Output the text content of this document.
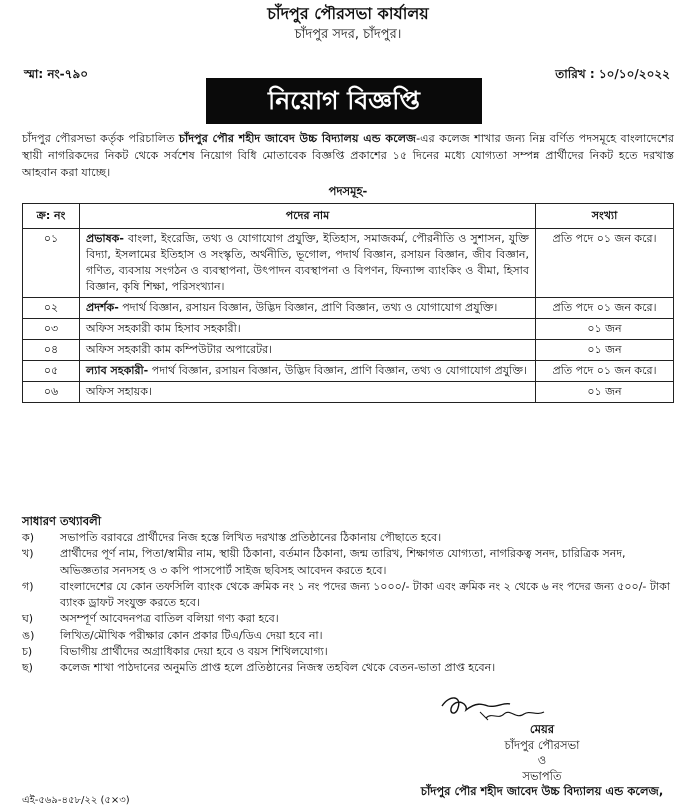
চাঁদপুর পৌরসভা কার্যালয়
চাঁদপুর সদর, চাঁদপুর।
স্মা: নং-৭৯০	তারিখ : ১০/১০/২০২২
নিয়োগ বিজ্ঞপ্তি
চাঁদপুর পৌরসভা কর্তৃক পরিচালিত চাঁদপুর পৌর শহীদ জাবেদ উচ্চ বিদ্যালয় এন্ড কলেজ-এর কলেজ শাখার জন্য নিম্ন বর্ণিত পদসমূহে বাংলাদেশের স্থায়ী নাগরিকদের নিকট থেকে সর্বশেষ নিয়োগ বিধি মোতাবেক বিজ্ঞপ্তি প্রকাশের ১৫ দিনের মধ্যে যোগ্যতা সম্পন্ন প্রার্থীদের নিকট হতে দরখাস্ত আহবান করা যাচ্ছে।
পদসমূহ-
ক্র: নং	পদের নাম	সংখ্যা
০১	প্রভাষক- বাংলা, ইংরেজি, তথ্য ও যোগাযোগ প্রযুক্তি, ইতিহাস, সমাজকর্ম, পৌরনীতি ও সুশাসন, যুক্তি বিদ্যা, ইসলামের ইতিহাস ও সংস্কৃতি, অর্থনীতি, ভূগোল, পদার্থ বিজ্ঞান, রসায়ন বিজ্ঞান, জীব বিজ্ঞান, গণিত, ব্যবসায় সংগঠন ও ব্যবস্থাপনা, উৎপাদন ব্যবস্থাপনা ও বিপণন, ফিন্যান্স ব্যাংকিং ও বীমা, হিসাব বিজ্ঞান, কৃষি শিক্ষা, পরিসংখ্যান।	প্রতি পদে ০১ জন করে।
০২	প্রদর্শক- পদার্থ বিজ্ঞান, রসায়ন বিজ্ঞান, উদ্ভিদ বিজ্ঞান, প্রাণি বিজ্ঞান, তথ্য ও যোগাযোগ প্রযুক্তি।	প্রতি পদে ০১ জন করে।
০৩	অফিস সহকারী কাম হিসাব সহকারী।	০১ জন
০৪	অফিস সহকারী কাম কম্পিউটার অপারেটর।	০১ জন
০৫	ল্যাব সহকারী- পদার্থ বিজ্ঞান, রসায়ন বিজ্ঞান, উদ্ভিদ বিজ্ঞান, প্রাণি বিজ্ঞান, তথ্য ও যোগাযোগ প্রযুক্তি।	প্রতি পদে ০১ জন করে।
০৬	অফিস সহায়ক।	০১ জন
সাধারণ তথ্যাবলী
ক)	সভাপতি বরাবরে প্রার্থীদের নিজ হস্তে লিখিত দরখাস্ত প্রতিষ্ঠানের ঠিকানায় পৌছাতে হবে।
খ)	প্রার্থীদের পূর্ণ নাম, পিতা/স্বামীর নাম, স্থায়ী ঠিকানা, বর্তমান ঠিকানা, জন্ম তারিখ, শিক্ষাগত যোগ্যতা, নাগরিকত্ব সনদ, চারিত্রিক সনদ, অভিজ্ঞতার সনদসহ ও ৩ কপি পাসপোর্ট সাইজ ছবিসহ আবেদন করতে হবে।
গ)	বাংলাদেশের যে কোন তফসিলি ব্যাংক থেকে ক্রমিক নং ১ নং পদের জন্য ১০০০/- টাকা এবং ক্রমিক নং ২ থেকে ৬ নং পদের জন্য ৫০০/- টাকা ব্যাংক ড্রাফট সংযুক্ত করতে হবে।
ঘ)	অসম্পূর্ণ আবেদনপত্র বাতিল বলিয়া গণ্য করা হবে।
ঙ)	লিখিত/মৌখিক পরীক্ষার কোন প্রকার টিএ/ডিএ দেয়া হবে না।
চ)	বিভাগীয় প্রার্থীদের অগ্রাধিকার দেয়া হবে ও বয়স শিথিলযোগ্য।
ছ)	কলেজ শাখা পাঠদানের অনুমতি প্রাপ্ত হলে প্রতিষ্ঠানের নিজস্ব তহবিল থেকে বেতন-ভাতা প্রাপ্ত হবেন।
মেয়র
চাঁদপুর পৌরসভা
ও
সভাপতি
চাঁদপুর পৌর শহীদ জাবেদ উচ্চ বিদ্যালয় এন্ড কলেজ,
এই-৫৬৯-৪৫৮/২২ (৫×৩)
